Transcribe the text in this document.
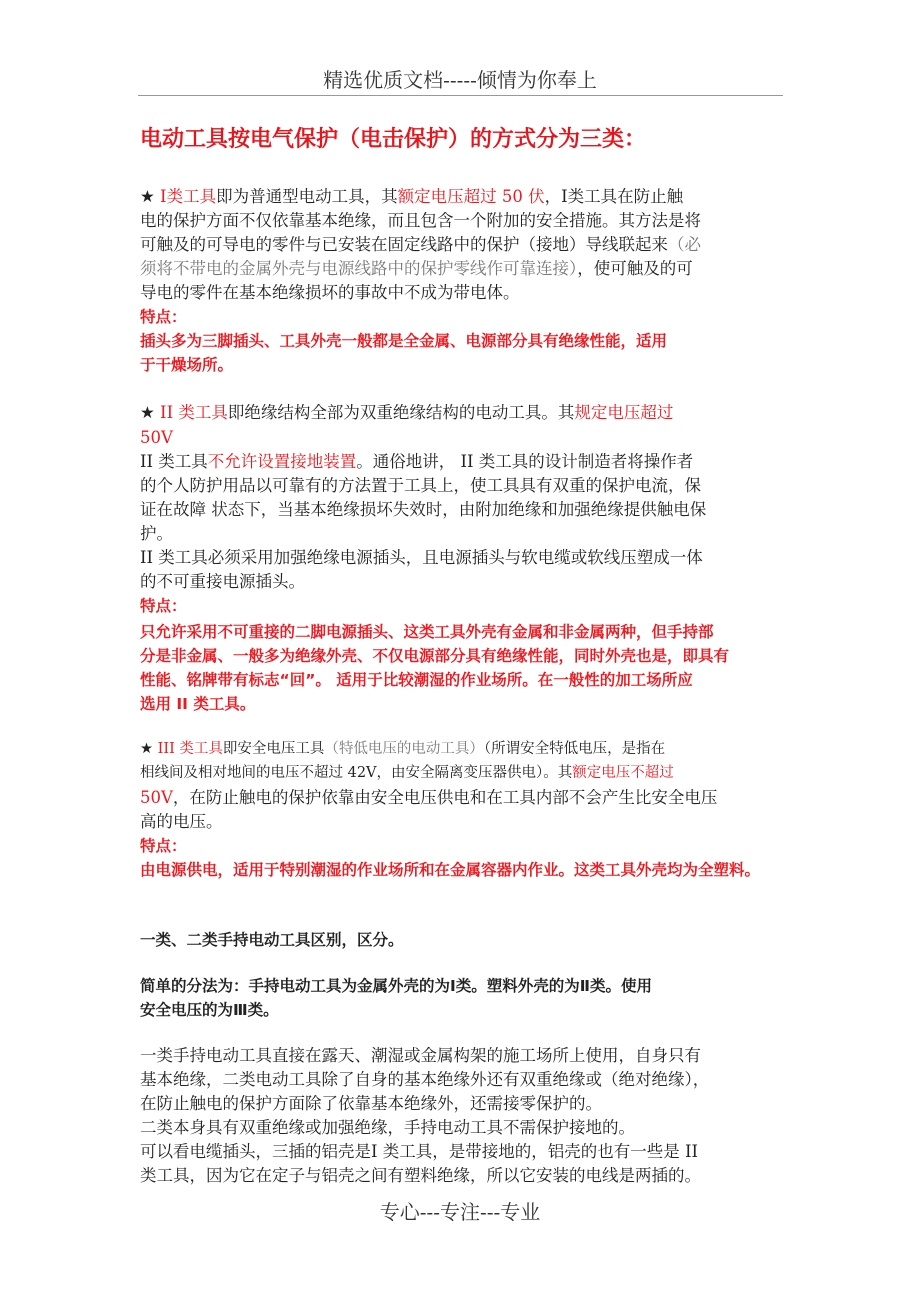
精选优质文档-----倾情为你奉上
电动工具按电气保护（电击保护）的方式分为三类：
★ Ⅰ类工具即为普通型电动工具，其额定电压超过 50 伏，Ⅰ类工具在防止触
电的保护方面不仅依靠基本绝缘，而且包含一个附加的安全措施。其方法是将
可触及的可导电的零件与已安装在固定线路中的保护（接地）导线联起来（必
须将不带电的金属外壳与电源线路中的保护零线作可靠连接），使可触及的可
导电的零件在基本绝缘损坏的事故中不成为带电体。
特点：
插头多为三脚插头、工具外壳一般都是全金属、电源部分具有绝缘性能，适用
于干燥场所。
★ II 类工具即绝缘结构全部为双重绝缘结构的电动工具。其规定电压超过
50V
II 类工具不允许设置接地装置。通俗地讲， II 类工具的设计制造者将操作者
的个人防护用品以可靠有的方法置于工具上，使工具具有双重的保护电流，保
证在故障 状态下，当基本绝缘损坏失效时，由附加绝缘和加强绝缘提供触电保
护。
II 类工具必须采用加强绝缘电源插头，且电源插头与软电缆或软线压塑成一体
的不可重接电源插头。
特点：
只允许采用不可重接的二脚电源插头、这类工具外壳有金属和非金属两种，但手持部
分是非金属、一般多为绝缘外壳、不仅电源部分具有绝缘性能，同时外壳也是，即具有
性能、铭牌带有标志“回”。 适用于比较潮湿的作业场所。在一般性的加工场所应
选用 II 类工具。
★ III 类工具即安全电压工具（特低电压的电动工具）（所谓安全特低电压，是指在
相线间及相对地间的电压不超过 42V，由安全隔离变压器供电）。其额定电压不超过
50V，在防止触电的保护依靠由安全电压供电和在工具内部不会产生比安全电压
高的电压。
特点：
由电源供电，适用于特别潮湿的作业场所和在金属容器内作业。这类工具外壳均为全塑料。
一类、二类手持电动工具区别，区分。
简单的分法为：手持电动工具为金属外壳的为Ⅰ类。塑料外壳的为Ⅱ类。使用
安全电压的为Ⅲ类。
一类手持电动工具直接在露天、潮湿或金属构架的施工场所上使用，自身只有
基本绝缘，二类电动工具除了自身的基本绝缘外还有双重绝缘或（绝对绝缘），
在防止触电的保护方面除了依靠基本绝缘外，还需接零保护的。
二类本身具有双重绝缘或加强绝缘，手持电动工具不需保护接地的。
可以看电缆插头，三插的铝壳是Ⅰ 类工具，是带接地的，铝壳的也有一些是 II
类工具，因为它在定子与铝壳之间有塑料绝缘，所以它安装的电线是两插的。
专心---专注---专业
